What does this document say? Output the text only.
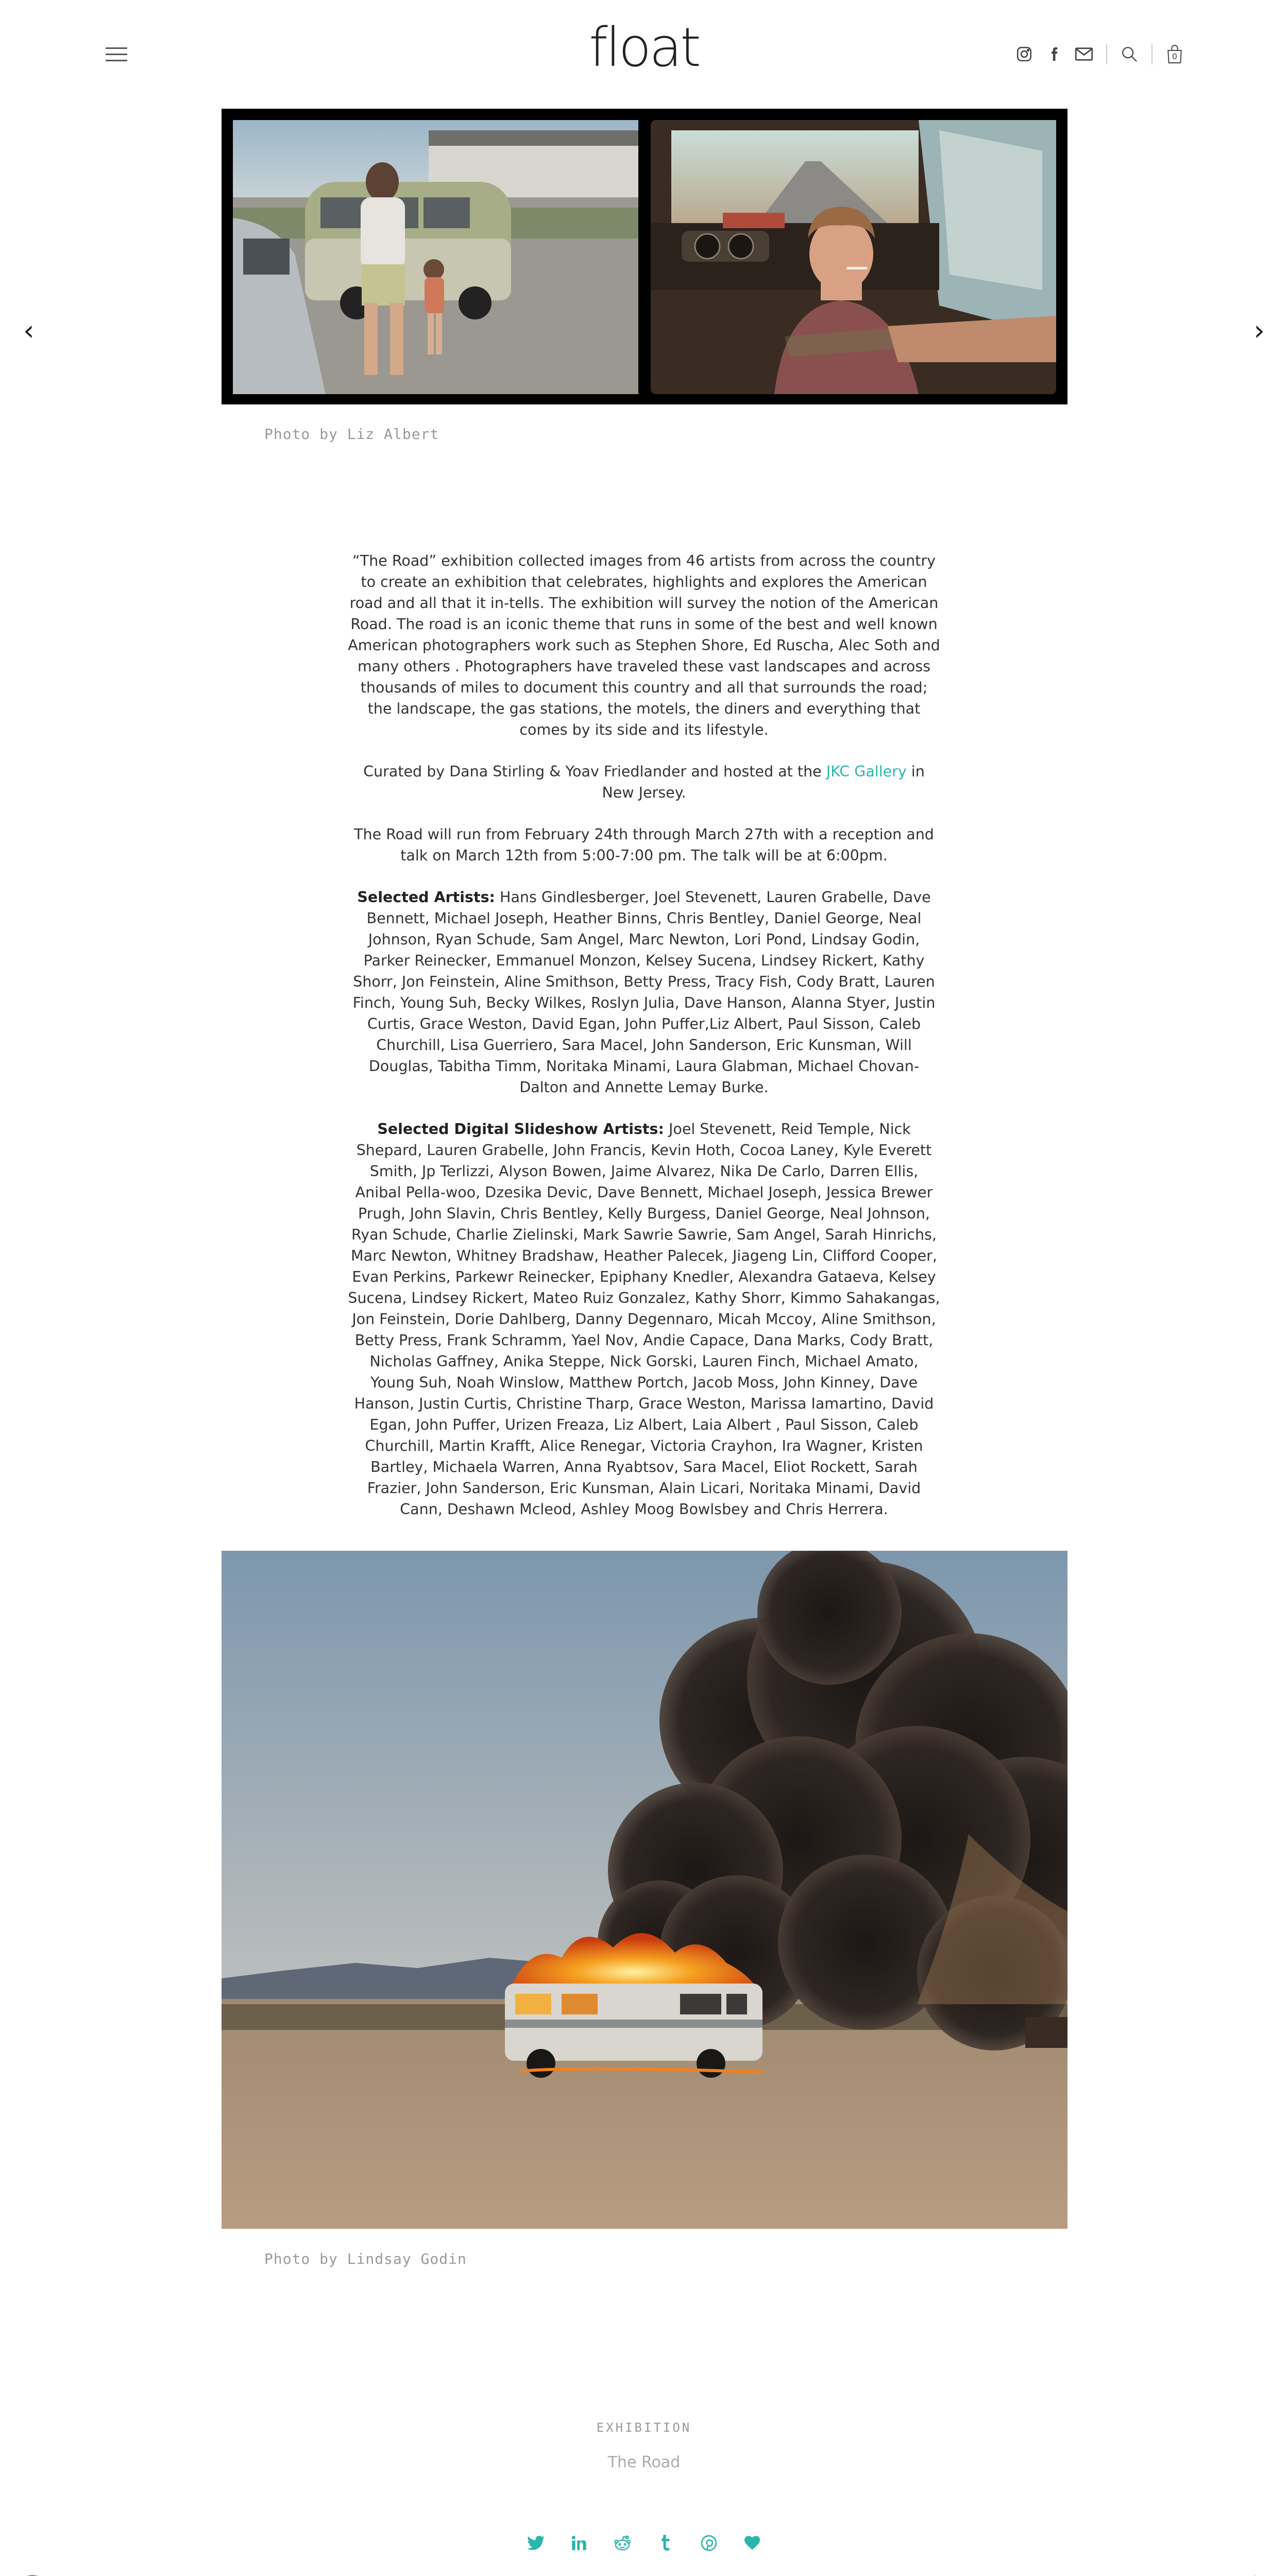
float	0
‹	›
Photo by Liz Albert

“The Road” exhibition collected images from 46 artists from across the country to create an exhibition that celebrates, highlights and explores the American road and all that it in-tells. The exhibition will survey the notion of the American Road. The road is an iconic theme that runs in some of the best and well known American photographers work such as Stephen Shore, Ed Ruscha, Alec Soth and many others . Photographers have traveled these vast landscapes and across thousands of miles to document this country and all that surrounds the road; the landscape, the gas stations, the motels, the diners and everything that comes by its side and its lifestyle.

Curated by Dana Stirling & Yoav Friedlander and hosted at the JKC Gallery in New Jersey.

The Road will run from February 24th through March 27th with a reception and talk on March 12th from 5:00-7:00 pm. The talk will be at 6:00pm.

Selected Artists: Hans Gindlesberger, Joel Stevenett, Lauren Grabelle, Dave Bennett, Michael Joseph, Heather Binns, Chris Bentley, Daniel George, Neal Johnson, Ryan Schude, Sam Angel, Marc Newton, Lori Pond, Lindsay Godin, Parker Reinecker, Emmanuel Monzon, Kelsey Sucena, Lindsey Rickert, Kathy Shorr, Jon Feinstein, Aline Smithson, Betty Press, Tracy Fish, Cody Bratt, Lauren Finch, Young Suh, Becky Wilkes, Roslyn Julia, Dave Hanson, Alanna Styer, Justin Curtis, Grace Weston, David Egan, John Puffer,Liz Albert, Paul Sisson, Caleb Churchill, Lisa Guerriero, Sara Macel, John Sanderson, Eric Kunsman, Will Douglas, Tabitha Timm, Noritaka Minami, Laura Glabman, Michael Chovan-Dalton and Annette Lemay Burke.

Selected Digital Slideshow Artists: Joel Stevenett, Reid Temple, Nick Shepard, Lauren Grabelle, John Francis, Kevin Hoth, Cocoa Laney, Kyle Everett Smith, Jp Terlizzi, Alyson Bowen, Jaime Alvarez, Nika De Carlo, Darren Ellis, Anibal Pella-woo, Dzesika Devic, Dave Bennett, Michael Joseph, Jessica Brewer Prugh, John Slavin, Chris Bentley, Kelly Burgess, Daniel George, Neal Johnson, Ryan Schude, Charlie Zielinski, Mark Sawrie Sawrie, Sam Angel, Sarah Hinrichs, Marc Newton, Whitney Bradshaw, Heather Palecek, Jiageng Lin, Clifford Cooper, Evan Perkins, Parkewr Reinecker, Epiphany Knedler, Alexandra Gataeva, Kelsey Sucena, Lindsey Rickert, Mateo Ruiz Gonzalez, Kathy Shorr, Kimmo Sahakangas, Jon Feinstein, Dorie Dahlberg, Danny Degennaro, Micah Mccoy, Aline Smithson, Betty Press, Frank Schramm, Yael Nov, Andie Capace, Dana Marks, Cody Bratt, Nicholas Gaffney, Anika Steppe, Nick Gorski, Lauren Finch, Michael Amato, Young Suh, Noah Winslow, Matthew Portch, Jacob Moss, John Kinney, Dave Hanson, Justin Curtis, Christine Tharp, Grace Weston, Marissa Iamartino, David Egan, John Puffer, Urizen Freaza, Liz Albert, Laia Albert , Paul Sisson, Caleb Churchill, Martin Krafft, Alice Renegar, Victoria Crayhon, Ira Wagner, Kristen Bartley, Michaela Warren, Anna Ryabtsov, Sara Macel, Eliot Rockett, Sarah Frazier, John Sanderson, Eric Kunsman, Alain Licari, Noritaka Minami, David Cann, Deshawn Mcleod, Ashley Moog Bowlsbey and Chris Herrera.

Photo by Lindsay Godin
EXHIBITION
The Road
